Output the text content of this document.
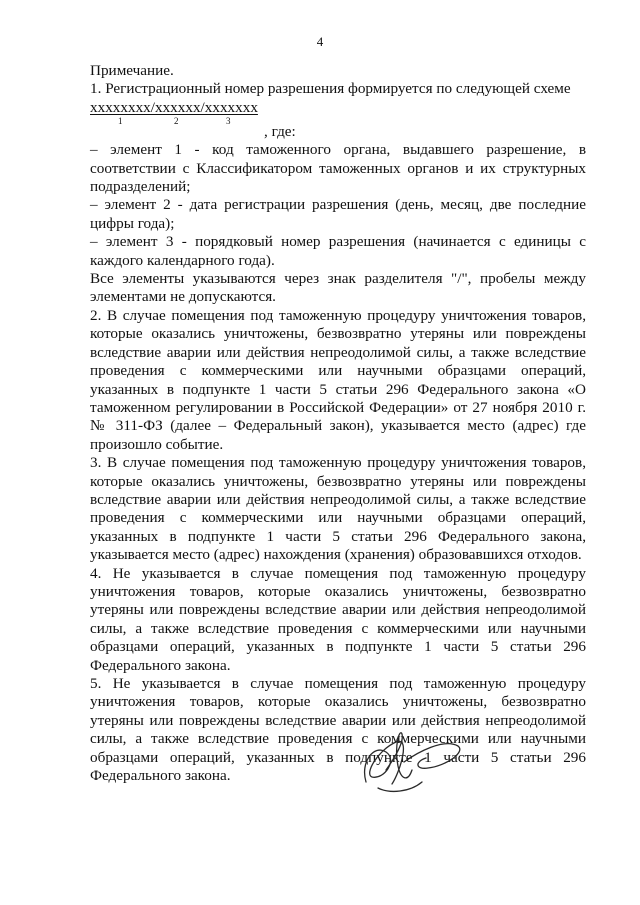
4

Примечание.

1. Регистрационный номер разрешения формируется по следующей схеме

хххххххх/хххххх/ххххххх
1	2	3

, где:

– элемент 1 - код таможенного органа, выдавшего разрешение, в соответствии с Классификатором таможенных органов и их структурных подразделений;

– элемент 2 - дата регистрации разрешения (день, месяц, две последние цифры года);

– элемент 3 - порядковый номер разрешения (начинается с единицы с каждого календарного года).

Все элементы указываются через знак разделителя "/", пробелы между элементами не допускаются.

2. В случае помещения под таможенную процедуру уничтожения товаров, которые оказались уничтожены, безвозвратно утеряны или повреждены вследствие аварии или действия непреодолимой силы, а также вследствие проведения с коммерческими или научными образцами операций, указанных в подпункте 1 части 5 статьи 296 Федерального закона «О таможенном регулировании в Российской Федерации» от 27 ноября 2010 г. № 311-ФЗ (далее – Федеральный закон), указывается место (адрес) где произошло событие.

3. В случае помещения под таможенную процедуру уничтожения товаров, которые оказались уничтожены, безвозвратно утеряны или повреждены вследствие аварии или действия непреодолимой силы, а также вследствие проведения с коммерческими или научными образцами операций, указанных в подпункте 1 части 5 статьи 296 Федерального закона, указывается место (адрес) нахождения (хранения) образовавшихся отходов.

4. Не указывается в случае помещения под таможенную процедуру уничтожения товаров, которые оказались уничтожены, безвозвратно утеряны или повреждены вследствие аварии или действия непреодолимой силы, а также вследствие проведения с коммерческими или научными образцами операций, указанных в подпункте 1 части 5 статьи 296 Федерального закона.

5. Не указывается в случае помещения под таможенную процедуру уничтожения товаров, которые оказались уничтожены, безвозвратно утеряны или повреждены вследствие аварии или действия непреодолимой силы, а также вследствие проведения с коммерческими или научными образцами операций, указанных в подпункте 1 части 5 статьи 296 Федерального закона.
